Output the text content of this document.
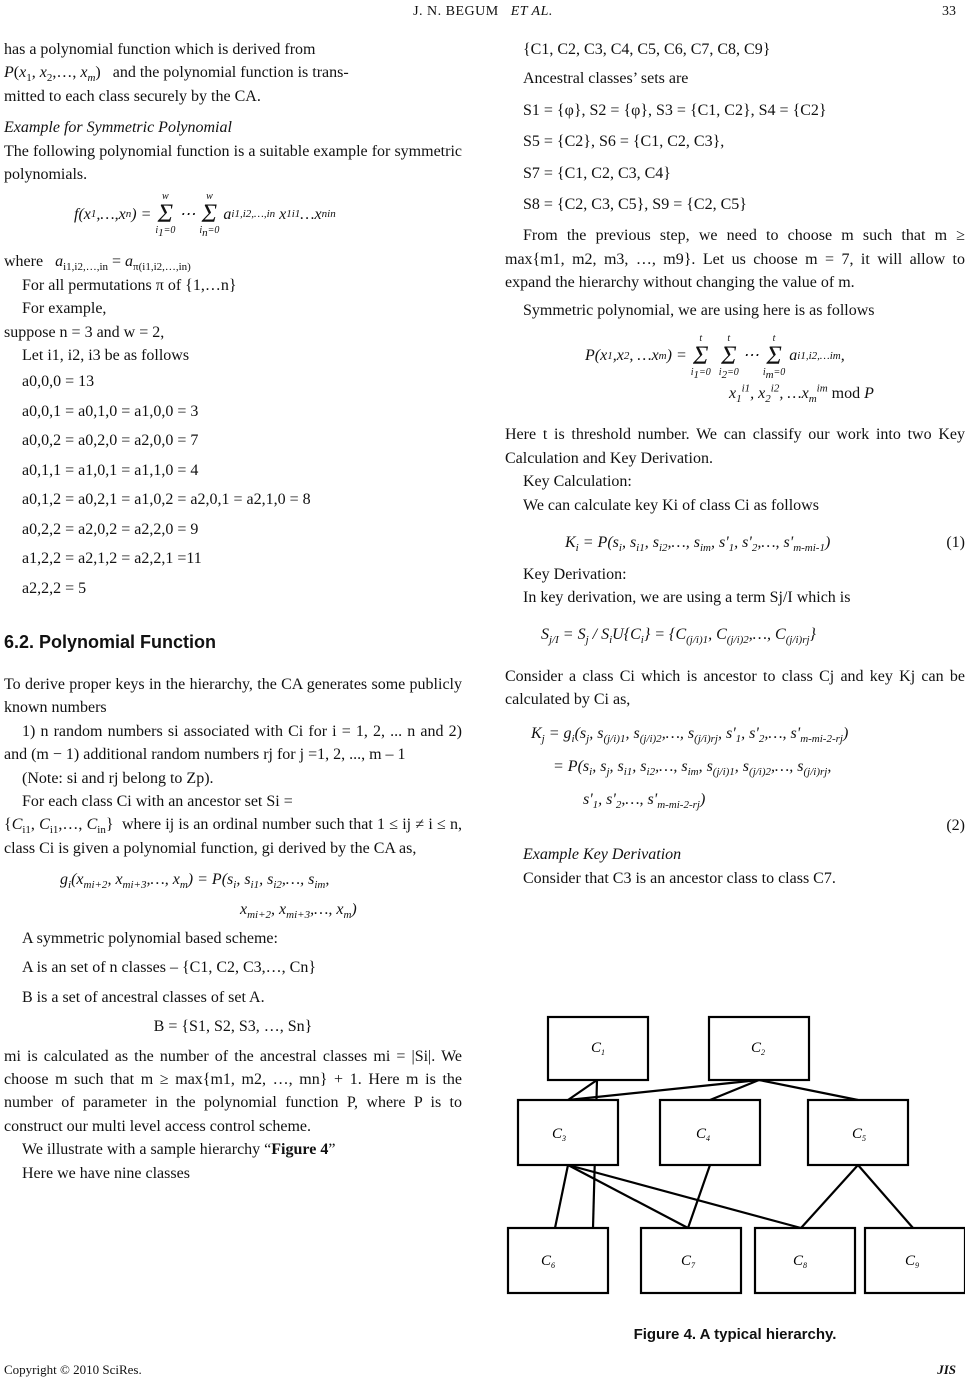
J. N. BEGUM ET AL.	33

has a polynomial function which is derived from

$P(x_1$, $x_2,\dots$, $x_m$)   and the polynomial function is trans-

mitted to each class securely by the CA.

Example for Symmetric Polynomial

The following polynomial function is a suitable example for symmetric polynomials.

f ( x 1 ,…, x n ) =
w
Σ
$i_1=0$
⋯
w
Σ
$i_n=0$
a i1,i2,…,in
x 1 i1 … x n in

where $a_{i1,i2,\dots,in} = a_{\pi(i1,i2,\dots,in)}$

For all permutations π of {1,…n}

For example,

suppose n = 3 and w = 2,

Let i1, i2, i3 be as follows

a0,0,0 = 13
a0,0,1 = a0,1,0 = a1,0,0 = 3
a0,0,2 = a0,2,0 = a2,0,0 = 7
a0,1,1 = a1,0,1 = a1,1,0 = 4
a0,1,2 = a0,2,1 = a1,0,2 = a2,0,1 = a2,1,0 = 8
a0,2,2 = a2,0,2 = a2,2,0 = 9
a1,2,2 = a2,1,2 = a2,2,1 =11
a2,2,2 = 5
6.2. Polynomial Function

To derive proper keys in the hierarchy, the CA generates some publicly known numbers

1) n random numbers si associated with Ci for i = 1, 2, ... n and 2) and (m − 1) additional random numbers rj for j =1, 2, ..., m – 1

(Note: si and rj belong to Zp).

For each class Ci with an ancestor set Si =

{$C_{i1}$, $C_{i1},\dots$, $C_{in}$}  where ij is an ordinal number such that 1 ≤ ij ≠ i ≤ n, class Ci is given a polynomial function, gi derived by the CA as,

$g_i(x_{mi+2}$, $x_{mi+3},\dots$, $x_m) = P(s_i$, $s_{i1}$, $s_{i2},\dots$, $s_{im}$,
$x_{mi+2}$, $x_{mi+3},\dots$, $x_m$)

A symmetric polynomial based scheme:

A is an set of n classes – {C1, C2, C3,…, Cn}

B is a set of ancestral classes of set A.

B = {S1, S2, S3, …, Sn}

mi is calculated as the number of the ancestral classes mi = |Si|. We choose m such that m ≥ max{m1, m2, …, mn} + 1. Here m is the number of parameter in the polynomial function P, where P is to construct our multi level access control scheme.

We illustrate with a sample hierarchy “Figure 4”

Here we have nine classes

{C1, C2, C3, C4, C5, C6, C7, C8, C9}

Ancestral classes’ sets are

S1 = {φ}, S2 = {φ}, S3 = {C1, C2}, S4 = {C2}

S5 = {C2}, S6 = {C1, C2, C3},

S7 = {C1, C2, C3, C4}

S8 = {C2, C3, C5}, S9 = {C2, C5}

From the previous step, we need to choose m such that m ≥ max{m1, m2, m3, …, m9}. Let us choose m = 7, it will allow to expand the hierarchy without changing the value of m.

Symmetric polynomial, we are using here is as follows

P ( x 1 , x 2 , … x m ) =
t
Σ
$i_1=0$
t
Σ
$i_2=0$
⋯
t
Σ
$i_m=0$
a i1,i2,…im ,
$x_1^{i1}$, $x_2^{i2}$, $\dots x_m^{im}$ mod P

Here t is threshold number. We can classify our work into two Key Calculation and Key Derivation.

Key Calculation:

We can calculate key Ki of class Ci as follows

$K_i = P(s_i$, $s_{i1}$, $s_{i2},\dots$, $s_{im}$, $s'_1$, $s'_2,\dots$, $s'_{m-mi-1}$)	(1)

Key Derivation:

In key derivation, we are using a term Sj/I which is

$S_{j/I} = S_j / S_iU\{C_i\} = \{C_{(j/i)1}$, $C_{(j/i)2},\dots$, $C_{(j/i)rj}$}

Consider a class Ci which is ancestor to class Cj and key Kj can be calculated by Ci as,

$K_j = g_i(s_j$, $s_{(j/i)1}$, $s_{(j/i)2},\dots$, $s_{(j/i)rj}$, $s'_1$, $s'_2,\dots$, $s'_{m-mi-2-rj}$)
= $P(s_i$, $s_j$, $s_{i1}$, $s_{i2},\dots$, $s_{im}$, $s_{(j/i)1}$, $s_{(j/i)2},\dots$, $s_{(j/i)rj}$,
$s'_1$, $s'_2,\dots$, $s'_{m-mi-2-rj}$)
(2)

Example Key Derivation

Consider that C3 is an ancestor class to class C7.

$C_1$	$C_2$
$C_3$	$C_4$	$C_5$
$C_6$	$C_7$	$C_8$	$C_9$
Figure 4. A typical hierarchy.
Copyright © 2010 SciRes.	JIS
